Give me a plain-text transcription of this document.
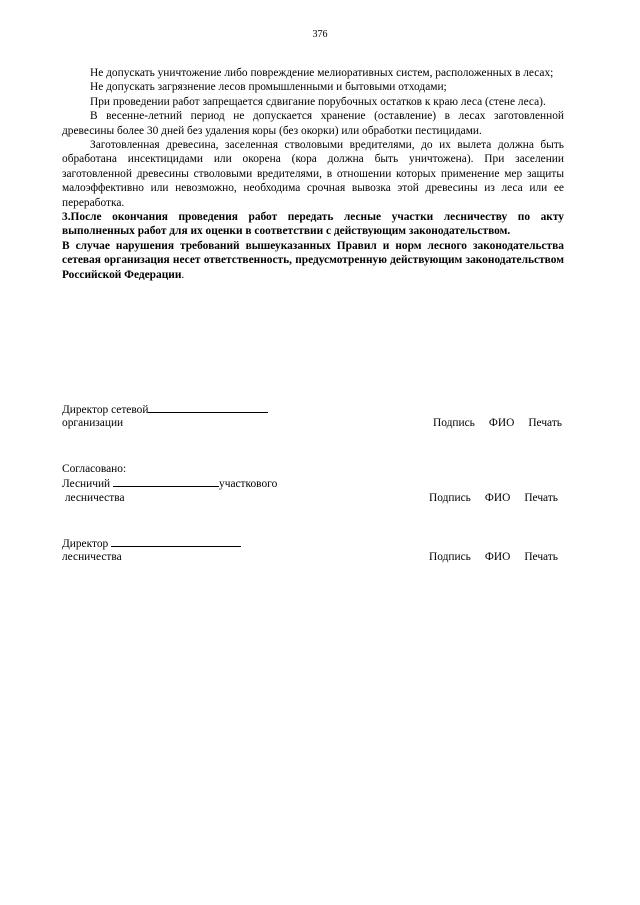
376

Не допускать уничтожение либо повреждение мелиоративных систем, расположенных в лесах;

Не допускать загрязнение лесов промышленными и бытовыми отходами;

При проведении работ запрещается сдвигание порубочных остатков к краю леса (стене леса).

В весенне-летний период не допускается хранение (оставление) в лесах заготовленной древесины более 30 дней без удаления коры (без окорки) или обработки пестицидами.

Заготовленная древесина, заселенная стволовыми вредителями, до их вылета должна быть обработана инсектицидами или окорена (кора должна быть уничтожена). При заселении заготовленной древесины стволовыми вредителями, в отношении которых применение мер защиты малоэффективно или невозможно, необходима срочная вывозка этой древесины из леса или ее переработка.

3.После окончания проведения работ передать лесные участки лесничеству по акту выполненных работ для их оценки в соответствии с действующим законодательством.

В случае нарушения требований вышеуказанных Правил и норм лесного законодательства сетевая организация несет ответственность, предусмотренную действующим законодательством Российской Федерации.

Директор сетевой
организации	Подпись ФИО Печать
Согласовано:
Лесничий	участкового
лесничества	Подпись ФИО Печать
Директор
лесничества	Подпись ФИО Печать
